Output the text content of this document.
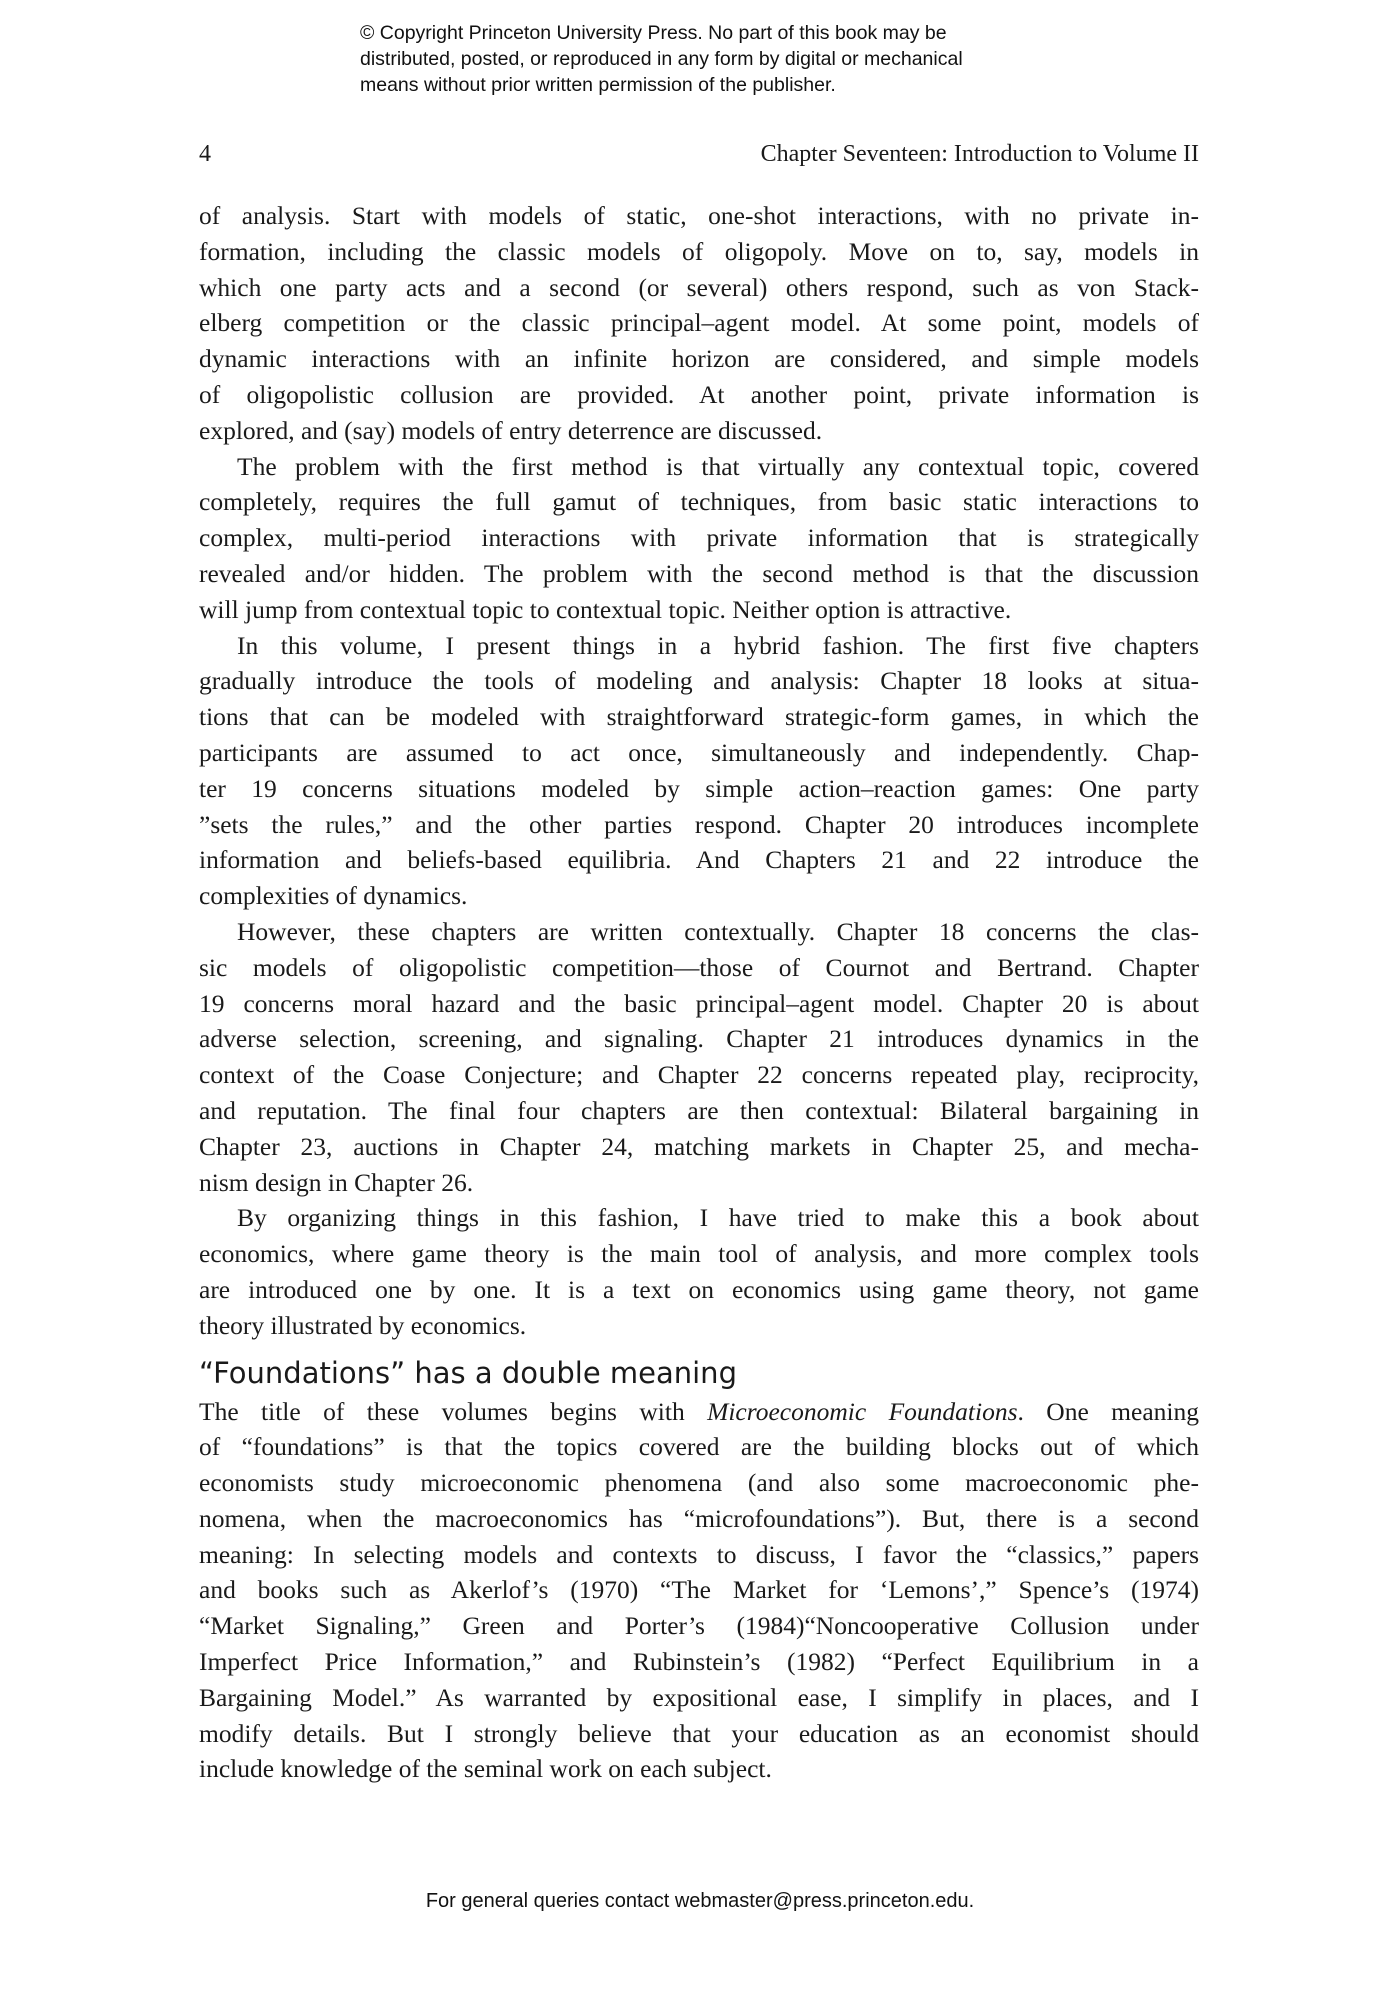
© Copyright Princeton University Press. No part of this book may be
distributed, posted, or reproduced in any form by digital or mechanical
means without prior written permission of the publisher.
4	Chapter Seventeen: Introduction to Volume II
of analysis. Start with models of static, one-shot interactions, with no private in-
formation, including the classic models of oligopoly. Move on to, say, models in
which one party acts and a second (or several) others respond, such as von Stack-
elberg competition or the classic principal–agent model. At some point, models of
dynamic interactions with an infinite horizon are considered, and simple models
of oligopolistic collusion are provided. At another point, private information is
explored, and (say) models of entry deterrence are discussed.
The problem with the first method is that virtually any contextual topic, covered
completely, requires the full gamut of techniques, from basic static interactions to
complex, multi-period interactions with private information that is strategically
revealed and/or hidden. The problem with the second method is that the discussion
will jump from contextual topic to contextual topic. Neither option is attractive.
In this volume, I present things in a hybrid fashion. The first five chapters
gradually introduce the tools of modeling and analysis: Chapter 18 looks at situa-
tions that can be modeled with straightforward strategic-form games, in which the
participants are assumed to act once, simultaneously and independently. Chap-
ter 19 concerns situations modeled by simple action–reaction games: One party
”sets the rules,” and the other parties respond. Chapter 20 introduces incomplete
information and beliefs-based equilibria. And Chapters 21 and 22 introduce the
complexities of dynamics.
However, these chapters are written contextually. Chapter 18 concerns the clas-
sic models of oligopolistic competition—those of Cournot and Bertrand. Chapter
19 concerns moral hazard and the basic principal–agent model. Chapter 20 is about
adverse selection, screening, and signaling. Chapter 21 introduces dynamics in the
context of the Coase Conjecture; and Chapter 22 concerns repeated play, reciprocity,
and reputation. The final four chapters are then contextual: Bilateral bargaining in
Chapter 23, auctions in Chapter 24, matching markets in Chapter 25, and mecha-
nism design in Chapter 26.
By organizing things in this fashion, I have tried to make this a book about
economics, where game theory is the main tool of analysis, and more complex tools
are introduced one by one. It is a text on economics using game theory, not game
theory illustrated by economics.
“Foundations” has a double meaning
The title of these volumes begins with Microeconomic Foundations. One meaning
of “foundations” is that the topics covered are the building blocks out of which
economists study microeconomic phenomena (and also some macroeconomic phe-
nomena, when the macroeconomics has “microfoundations”). But, there is a second
meaning: In selecting models and contexts to discuss, I favor the “classics,” papers
and books such as Akerlof’s (1970) “The Market for ‘Lemons’,” Spence’s (1974)
“Market Signaling,” Green and Porter’s (1984)“Noncooperative Collusion under
Imperfect Price Information,” and Rubinstein’s (1982) “Perfect Equilibrium in a
Bargaining Model.” As warranted by expositional ease, I simplify in places, and I
modify details. But I strongly believe that your education as an economist should
include knowledge of the seminal work on each subject.
For general queries contact webmaster@press.princeton.edu.
